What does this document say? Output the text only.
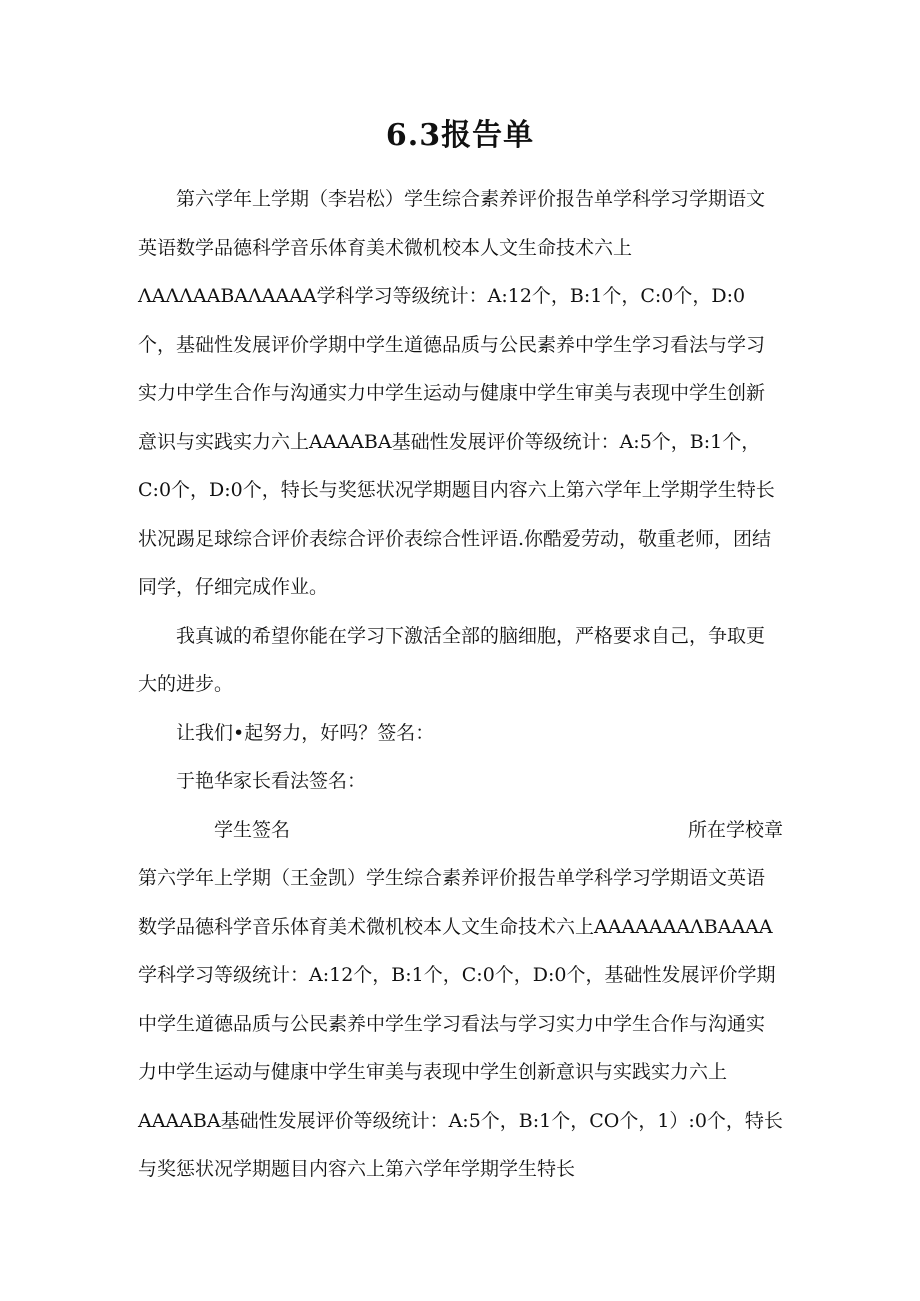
6.3报告单

第六学年上学期（李岩松）学生综合素养评价报告单学科学习学期语文英语数学品德科学音乐体育美术微机校本人文生命技术六上ΛAΛΛAABAΛAAAA学科学习等级统计：A:12个，B:1个，C:0个，D:0个，基础性发展评价学期中学生道德品质与公民素养中学生学习看法与学习实力中学生合作与沟通实力中学生运动与健康中学生审美与表现中学生创新意识与实践实力六上AAAABA基础性发展评价等级统计：A:5个，B:1个，C:0个，D:0个，特长与奖惩状况学期题目内容六上第六学年上学期学生特长状况踢足球综合评价表综合评价表综合性评语.你酷爱劳动，敬重老师，团结同学，仔细完成作业。

我真诚的希望你能在学习下激活全部的脑细胞，严格要求自己，争取更大的进步。

让我们•起努力，好吗？签名：

于艳华家长看法签名：

学生签名	所在学校章

第六学年上学期（王金凯）学生综合素养评价报告单学科学习学期语文英语数学品德科学音乐体育美术微机校本人文生命技术六上AAAAAAAΛBAAAA学科学习等级统计：A:12个，B:1个，C:0个，D:0个，基础性发展评价学期中学生道德品质与公民素养中学生学习看法与学习实力中学生合作与沟通实力中学生运动与健康中学生审美与表现中学生创新意识与实践实力六上AAAABA基础性发展评价等级统计：A:5个，B:1个，CO个，1）:0个，特长与奖惩状况学期题目内容六上第六学年学期学生特长
